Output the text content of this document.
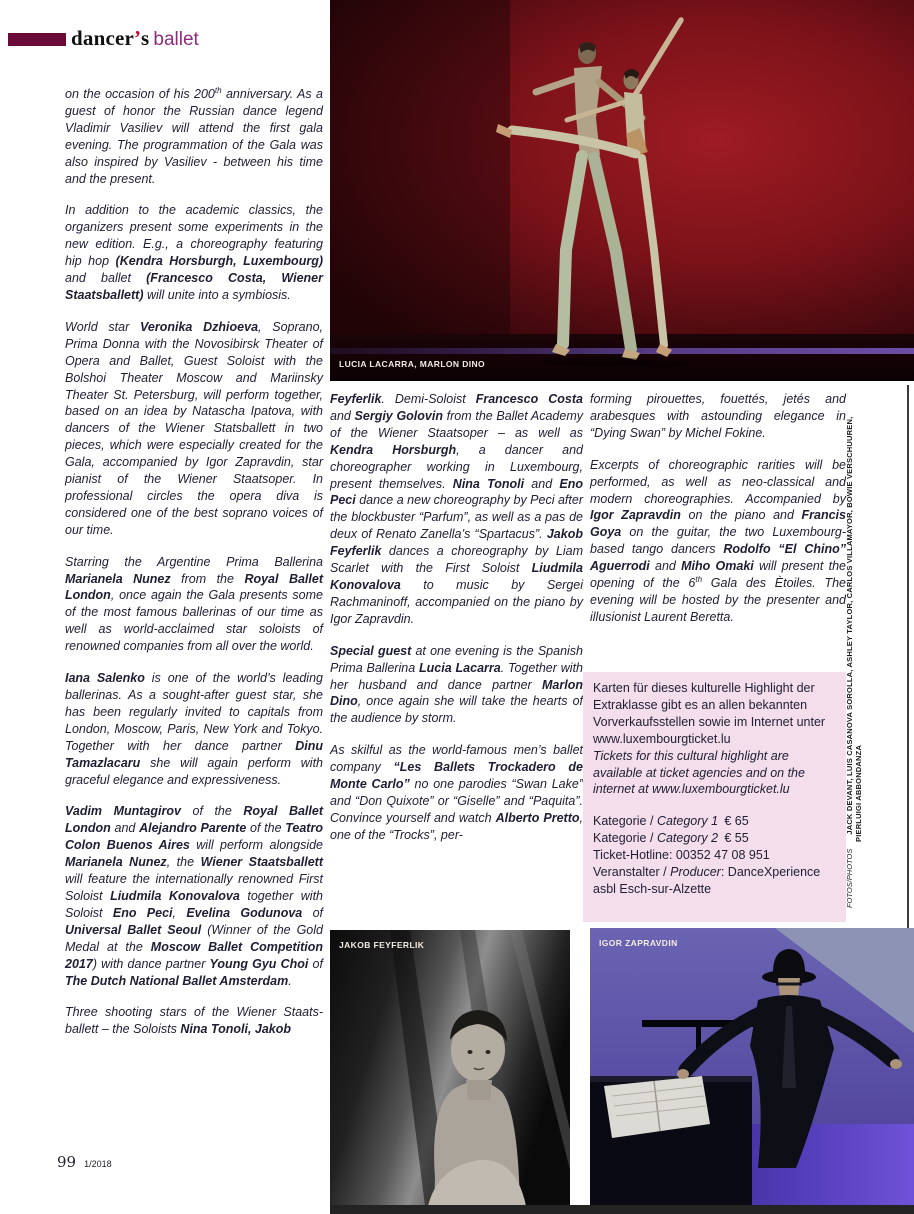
dancer’s ballet
LUCIA LACARRA, MARLON DINO

on the occasion of his 200th anniversary. As a guest of honor the Russian dance legend Vladimir Vasiliev will attend the first gala evening. The programmation of the Gala was also inspired by Vasiliev - between his time and the present.

In addition to the academic classics, the organizers present some experiments in the new edition. E.g., a choreography featuring hip hop (Kendra Horsburgh, Luxembourg) and ballet (Francesco Costa, Wiener Staatsballett) will unite into a symbiosis.

World star Veronika Dzhioeva, Soprano, Prima Donna with the Novosibirsk Theater of Opera and Ballet, Guest Soloist with the Bolshoi Theater Moscow and Mariinsky Theater St. Petersburg, will perform together, based on an idea by Natascha Ipatova, with dancers of the Wiener Statsballett in two pieces, which were especially created for the Gala, accompanied by Igor Zapravdin, star pianist of the Wiener Staatsoper. In professional circles the opera diva is considered one of the best soprano voices of our time.

Starring the Argentine Prima Ballerina Marianela Nunez from the Royal Ballet London, once again the Gala presents some of the most famous ballerinas of our time as well as world-acclaimed star soloists of renowned companies from all over the world.

Iana Salenko is one of the world’s leading ballerinas. As a sought-after guest star, she has been regularly invited to capitals from London, Moscow, Paris, New York and Tokyo. Together with her dance partner Dinu Tamazlacaru she will again perform with graceful elegance and expressiveness.

Vadim Muntagirov of the Royal Ballet London and Alejandro Parente of the Teatro Colon Buenos Aires will perform alongside Marianela Nunez, the Wiener Staatsballett will feature the internationally renowned First Soloist Liudmila Konovalova together with Soloist Eno Peci, Evelina Godunova of Universal Ballet Seoul (Winner of the Gold Medal at the Moscow Ballet Competition 2017) with dance partner Young Gyu Choi of The Dutch National Ballet Amsterdam.

Three shooting stars of the Wiener Staats-ballett – the Soloists Nina Tonoli, Jakob

Feyferlik. Demi-Soloist Francesco Costa and Sergiy Golovin from the Ballet Academy of the Wiener Staatsoper – as well as Kendra Horsburgh, a dancer and choreographer working in Luxembourg, present themselves. Nina Tonoli and Eno Peci dance a new choreography by Peci after the blockbuster “Parfum”, as well as a pas de deux of Renato Zanella’s “Spartacus”. Jakob Feyferlik dances a choreography by Liam Scarlet with the First Soloist Liudmila Konovalova to music by Sergei Rachmaninoff, accompanied on the piano by Igor Zapravdin.

Special guest at one evening is the Spanish Prima Ballerina Lucia Lacarra. Together with her husband and dance partner Marlon Dino, once again she will take the hearts of the audience by storm.

As skilful as the world-famous men’s ballet company “Les Ballets Trockadero de Monte Carlo” no one parodies “Swan Lake” and “Don Quixote” or “Giselle” and “Paquita”. Convince yourself and watch Alberto Pretto, one of the “Trocks”, per-

forming pirouettes, fouettés, jetés and arabesques with astounding elegance in “Dying Swan” by Michel Fokine.

Excerpts of choreographic rarities will be performed, as well as neo-classical and modern choreographies. Accompanied by Igor Zapravdin on the piano and Francis Goya on the guitar, the two Luxembourg-based tango dancers Rodolfo “El Chino” Aguerrodi and Miho Omaki will present the opening of the 6th Gala des Ètoiles. The evening will be hosted by the presenter and illusionist Laurent Beretta.

Karten für dieses kulturelle Highlight der Extraklasse gibt es an allen bekannten Vorverkaufsstellen sowie im Internet unter www.luxembourgticket.lu

Tickets for this cultural highlight are available at ticket agencies and on the internet at www.luxembourgticket.lu

Kategorie / Category 1 € 65

Kategorie / Category 2 € 55

Ticket-Hotline: 00352 47 08 951

Veranstalter / Producer: DanceXperience asbl Esch-sur-Alzette	FOTOS/PHOTOSJACK DEVANT, LUIS CASANOVA SOROLLA, ASHLEY TAYLOR, CARLOS VILLAMAYOR, BOWIE VERSCHUUREN, PIERLUIGI ABBONDANZA
JAKOB FEYFERLIK	IGOR ZAPRAVDIN
99 1/2018
